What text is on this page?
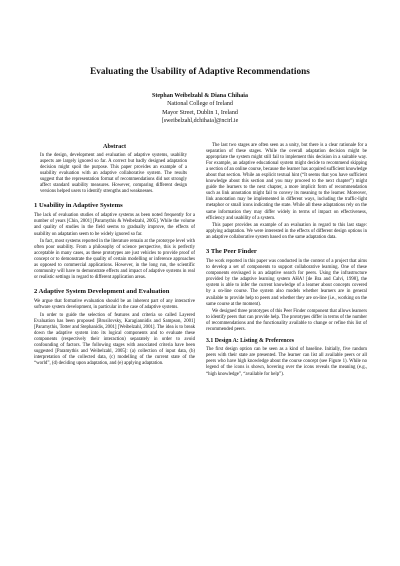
Evaluating the Usability of Adaptive Recommendations
Stephan Weibelzahl & Diana Chihaia
National College of Ireland
Mayor Street, Dublin 1, Ireland
[sweibelzahl,dchihaia]@ncirl.ie
Abstract

In the design, development and evaluation of adaptive systems, usability aspects are largely ignored so far. A correct but badly designed adaptation decision might spoil the purpose. This paper provides an example of a usability evaluation with an adaptive collaborative system. The results suggest that the representation format of recommendations did not strongly affect standard usability measures. However, comparing different design versions helped users to identify strengths and weaknesses.

1 Usability in Adaptive Systems

The lack of evaluation studies of adaptive systems as been noted frequently for a number of years [Chin, 2001] [Paramythis & Weibelzahl, 2005]. While the volume and quality of studies in the field seems to gradually improve, the effects of usability on adaptation seem to be widely ignored so far.

In fact, most systems reported in the literature remain at the prototype level with often poor usability. From a philosophy of science perspective, this is perfectly acceptable in many cases, as these prototypes are just vehicles to provide proof of concept or to demonstrate the quality of certain modelling or inference approaches as opposed to commercial applications. However, in the long run, the scientific community will have to demonstrate effects and impact of adaptive systems in real or realistic settings in regard to different application areas.

2 Adaptive System Development and Evaluation

We argue that formative evaluation should be an inherent part of any interactive software system development, in particular in the case of adaptive systems.

In order to guide the selection of features and criteria so called Layered Evaluation has been proposed [Brusilovsky, Karagiannidis and Sampson, 2001] [Paramythis, Totter and Stephanidis, 2001] [Weibelzahl, 2001]. The idea is to break down the adaptive system into its logical components and to evaluate these components (respectively their interaction) separately in order to avoid confounding of factors. The following stages with associated criteria have been suggested [Paramythis and Weibelzahl, 2005]: (a) collection of input data, (b) interpretation of the collected data, (c) modelling of the current state of the “world”, (d) deciding upon adaptation, and (e) applying adaptation.

The last two stages are often seen as a unity, but there is a clear rationale for a separation of these stages. While the overall adaptation decision might be appropriate the system might still fail to implement this decision in a suitable way. For example, an adaptive educational system might decide to recommend skipping a section of an online course, because the learner has acquired sufficient knowledge about that section. While an explicit textual hint (“It seems that you have sufficient knowledge about this section and you may proceed to the next chapter”) might guide the learners to the next chapter, a more implicit form of recommendation such as link annotation might fail to convey its meaning to the learner. Moreover, link annotation may be implemented in different ways, including the traffic-light metaphor or small icons indicating the state. While all these adaptations rely on the same information they may differ widely in terms of impact on effectiveness, efficiency and usability of a system.

This paper provides an example of an evaluation in regard to this last stage: applying adaptation. We were interested in the effects of different design options in an adaptive collaborative system based on the same adaptation data.

3 The Peer Finder

The work reported in this paper was conducted in the context of a project that aims to develop a set of components to support collaborative learning. One of these components envisaged is an adaptive search for peers. Using the infrastructure provided by the adaptive learning system AHA! [de Bra and Calvi, 1998], the system is able to infer the current knowledge of a learner about concepts covered by a on-line course. The system also models whether learners are in general available to provide help to peers and whether they are on-line (i.e., working on the same course at the moment).

We designed three prototypes of this Peer Finder component that allows learners to identify peers that can provide help. The prototypes differ in terms of the number of recommendations and the functionality available to change or refine this list of recommended peers.

3.1 Design A: Listing & Preferences

The first design option can be seen as a kind of baseline. Initially, five random peers with their state are presented. The learner can list all available peers or all peers who have high knowledge about the course concept (see Figure 1). While no legend of the icons is shown, hovering over the icons reveals the meaning (e.g., “high knowledge”, “available for help”).
